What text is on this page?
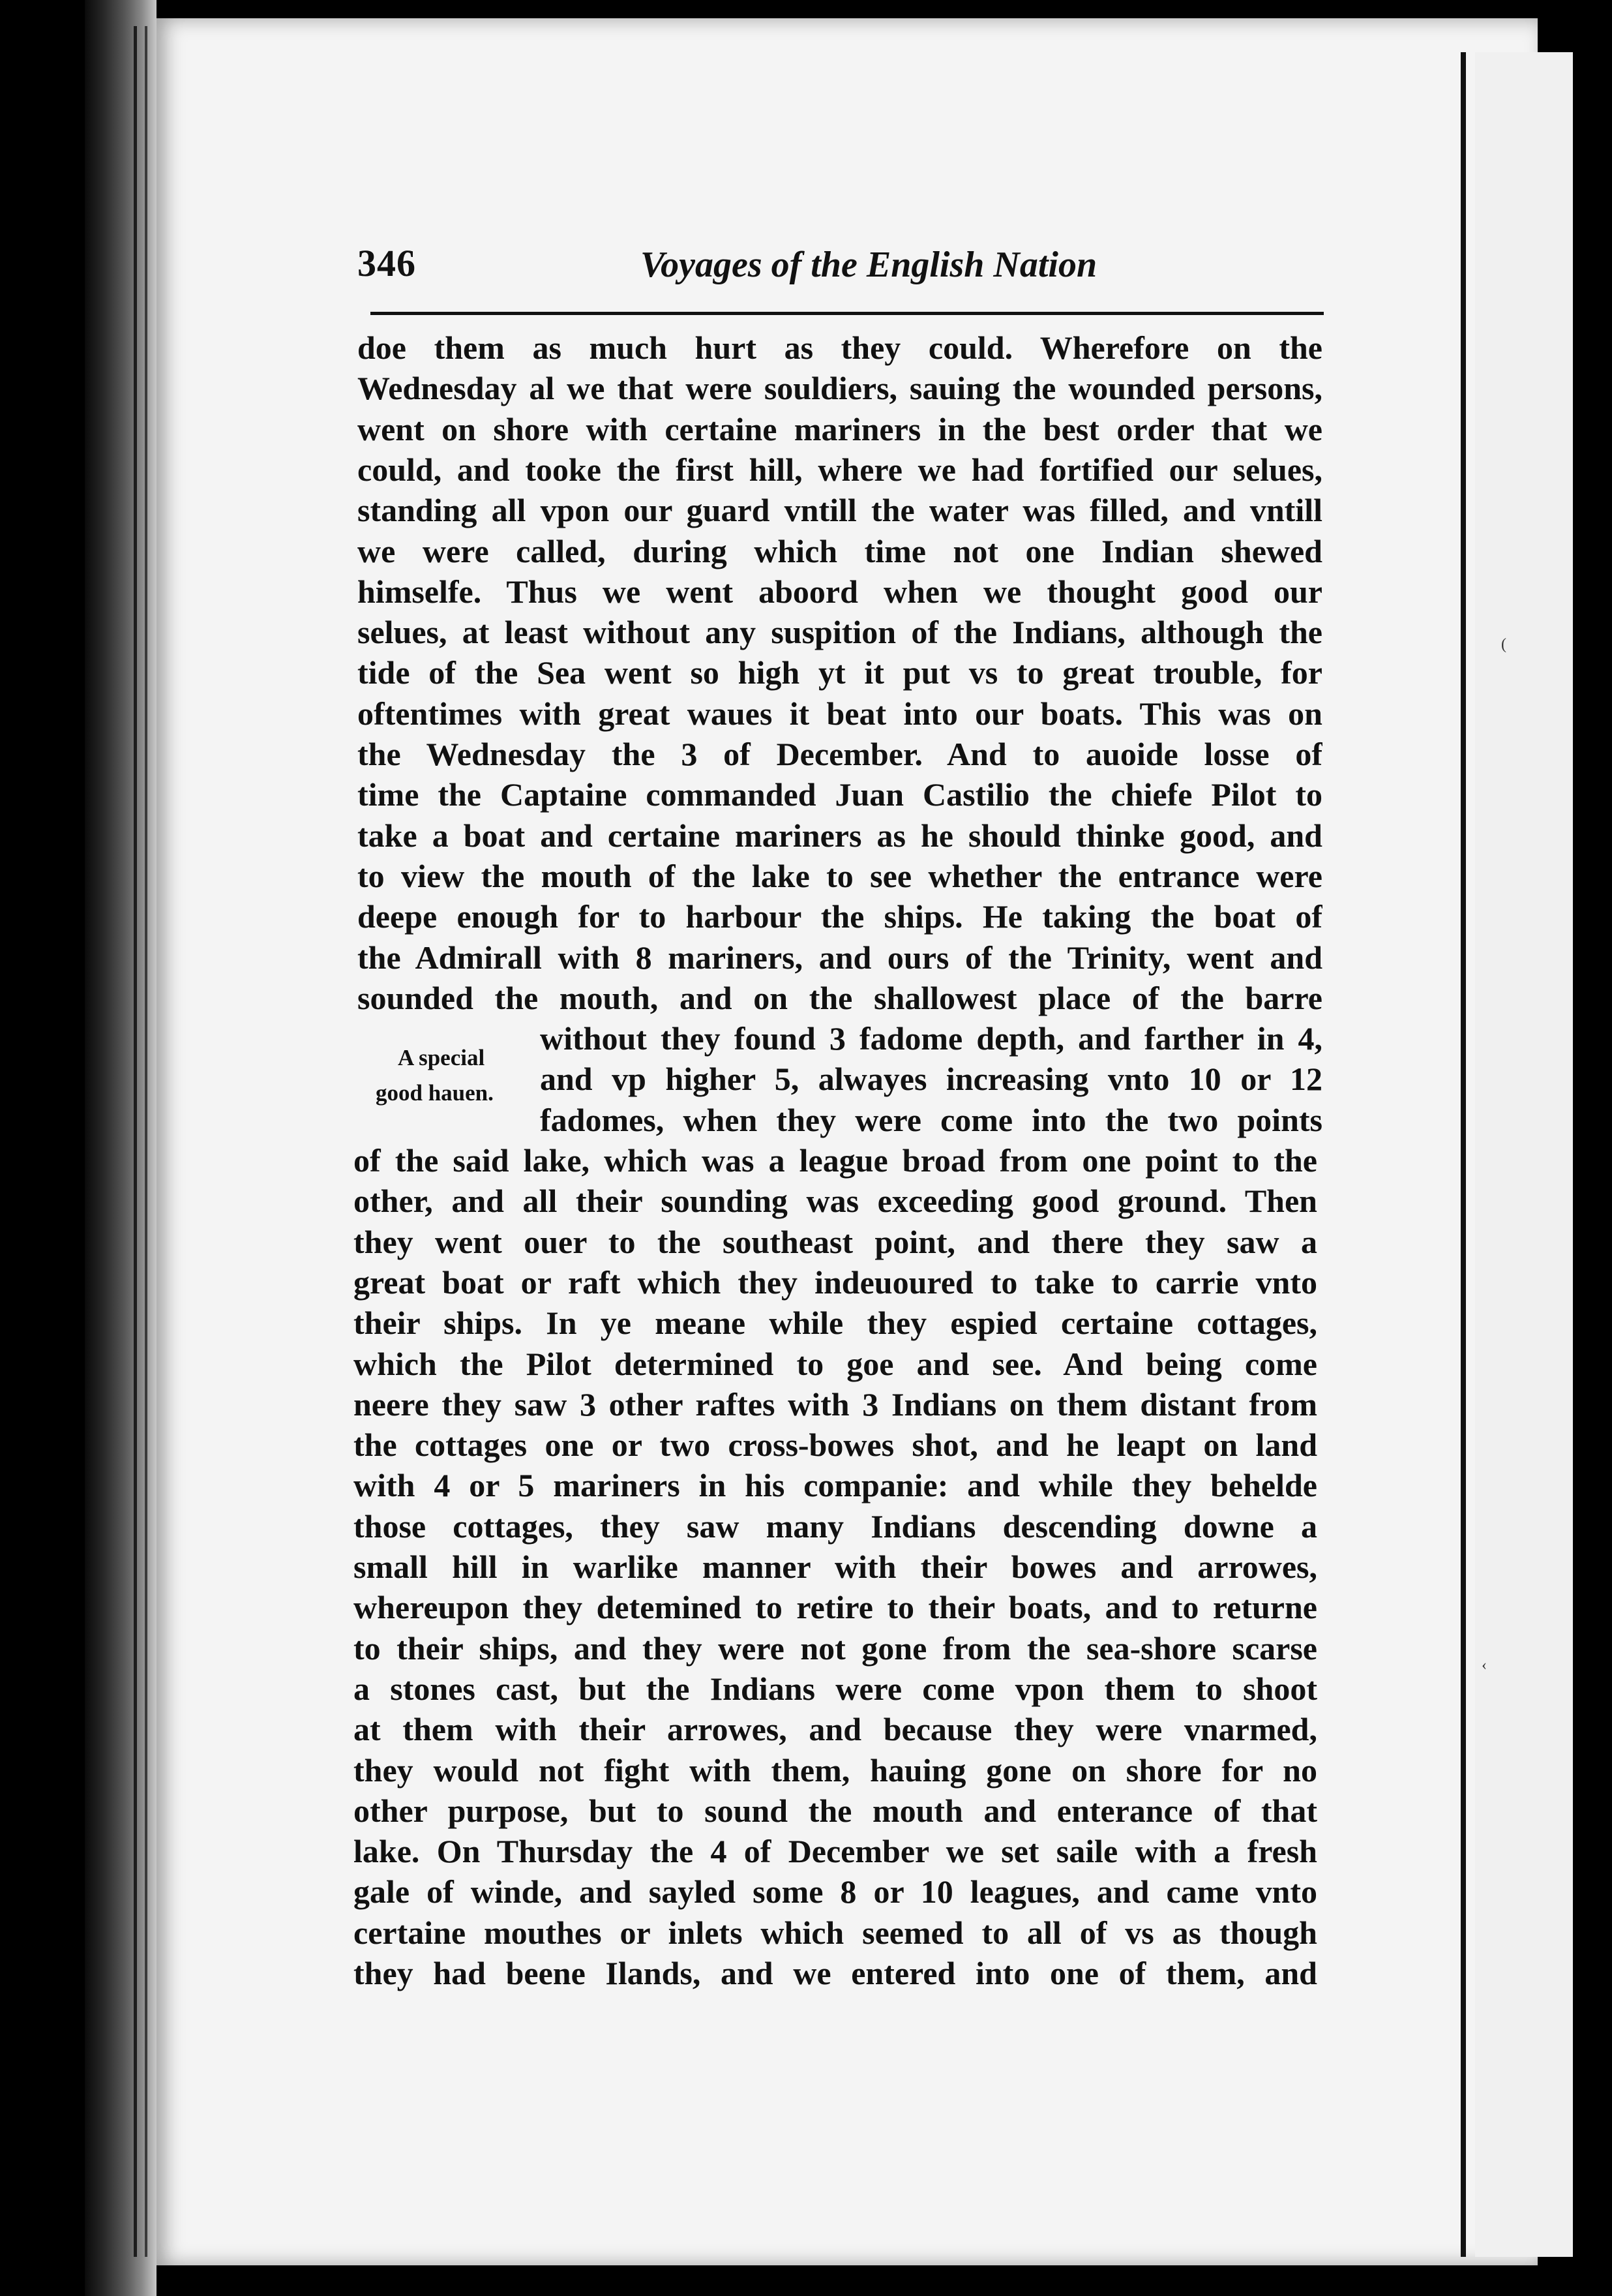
(
‹
346	Voyages of the English Nation
A special
good hauen.
doe them as much hurt as they could. Wherefore on the
Wednesday al we that were souldiers, sauing the wounded persons,
went on shore with certaine mariners in the best order that we
could, and tooke the first hill, where we had fortified our selues,
standing all vpon our guard vntill the water was filled, and vntill
we were called, during which time not one Indian shewed
himselfe. Thus we went aboord when we thought good our
selues, at least without any suspition of the Indians, although the
tide of the Sea went so high yt it put vs to great trouble, for
oftentimes with great waues it beat into our boats. This was on
the Wednesday the 3 of December. And to auoide losse of
time the Captaine commanded Juan Castilio the chiefe Pilot to
take a boat and certaine mariners as he should thinke good, and
to view the mouth of the lake to see whether the entrance were
deepe enough for to harbour the ships. He taking the boat of
the Admirall with 8 mariners, and ours of the Trinity, went and
sounded the mouth, and on the shallowest place of the barre
without they found 3 fadome depth, and farther in 4,
and vp higher 5, alwayes increasing vnto 10 or 12
fadomes, when they were come into the two points
of the said lake, which was a league broad from one point to the
other, and all their sounding was exceeding good ground. Then
they went ouer to the southeast point, and there they saw a
great boat or raft which they indeuoured to take to carrie vnto
their ships. In ye meane while they espied certaine cottages,
which the Pilot determined to goe and see. And being come
neere they saw 3 other raftes with 3 Indians on them distant from
the cottages one or two cross-bowes shot, and he leapt on land
with 4 or 5 mariners in his companie: and while they behelde
those cottages, they saw many Indians descending downe a
small hill in warlike manner with their bowes and arrowes,
whereupon they detemined to retire to their boats, and to returne
to their ships, and they were not gone from the sea-shore scarse
a stones cast, but the Indians were come vpon them to shoot
at them with their arrowes, and because they were vnarmed,
they would not fight with them, hauing gone on shore for no
other purpose, but to sound the mouth and enterance of that
lake. On Thursday the 4 of December we set saile with a fresh
gale of winde, and sayled some 8 or 10 leagues, and came vnto
certaine mouthes or inlets which seemed to all of vs as though
they had beene Ilands, and we entered into one of them, and
